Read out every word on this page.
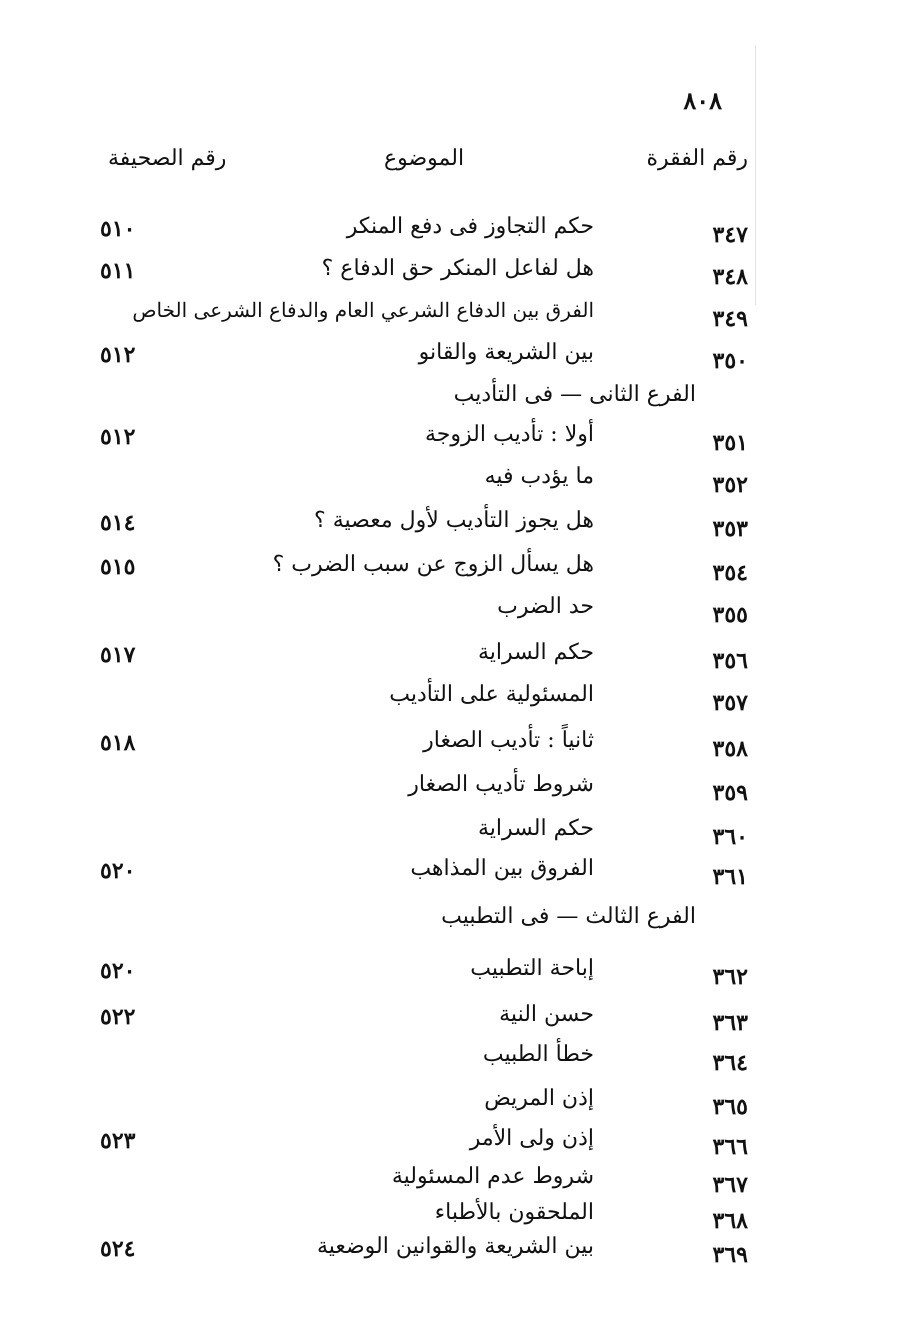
٨٠٨
رقم الفقرة
الموضوع
رقم الصحيفة
٣٤٧
حكم التجاوز فى دفع المنكر
٥١٠
٣٤٨
هل لفاعل المنكر حق الدفاع ؟
٥١١
٣٤٩
الفرق بين الدفاع الشرعي العام والدفاع الشرعى الخاص
٣٥٠
بين الشريعة والقانو
٥١٢
الفرع الثانى — فى التأديب
٣٥١
أولا : تأديب الزوجة
٥١٢
٣٥٢
ما يؤدب فيه
٣٥٣
هل يجوز التأديب لأول معصية ؟
٥١٤
٣٥٤
هل يسأل الزوج عن سبب الضرب ؟
٥١٥
٣٥٥
حد الضرب
٣٥٦
حكم السراية
٥١٧
٣٥٧
المسئولية على التأديب
٣٥٨
ثانياً : تأديب الصغار
٥١٨
٣٥٩
شروط تأديب الصغار
٣٦٠
حكم السراية
٣٦١
الفروق بين المذاهب
٥٢٠
الفرع الثالث — فى التطبيب
٣٦٢
إباحة التطبيب
٥٢٠
٣٦٣
حسن النية
٥٢٢
٣٦٤
خطأ الطبيب
٣٦٥
إذن المريض
٣٦٦
إذن ولى الأمر
٥٢٣
٣٦٧
شروط عدم المسئولية
٣٦٨
الملحقون بالأطباء
٣٦٩
بين الشريعة والقوانين الوضعية
٥٢٤
